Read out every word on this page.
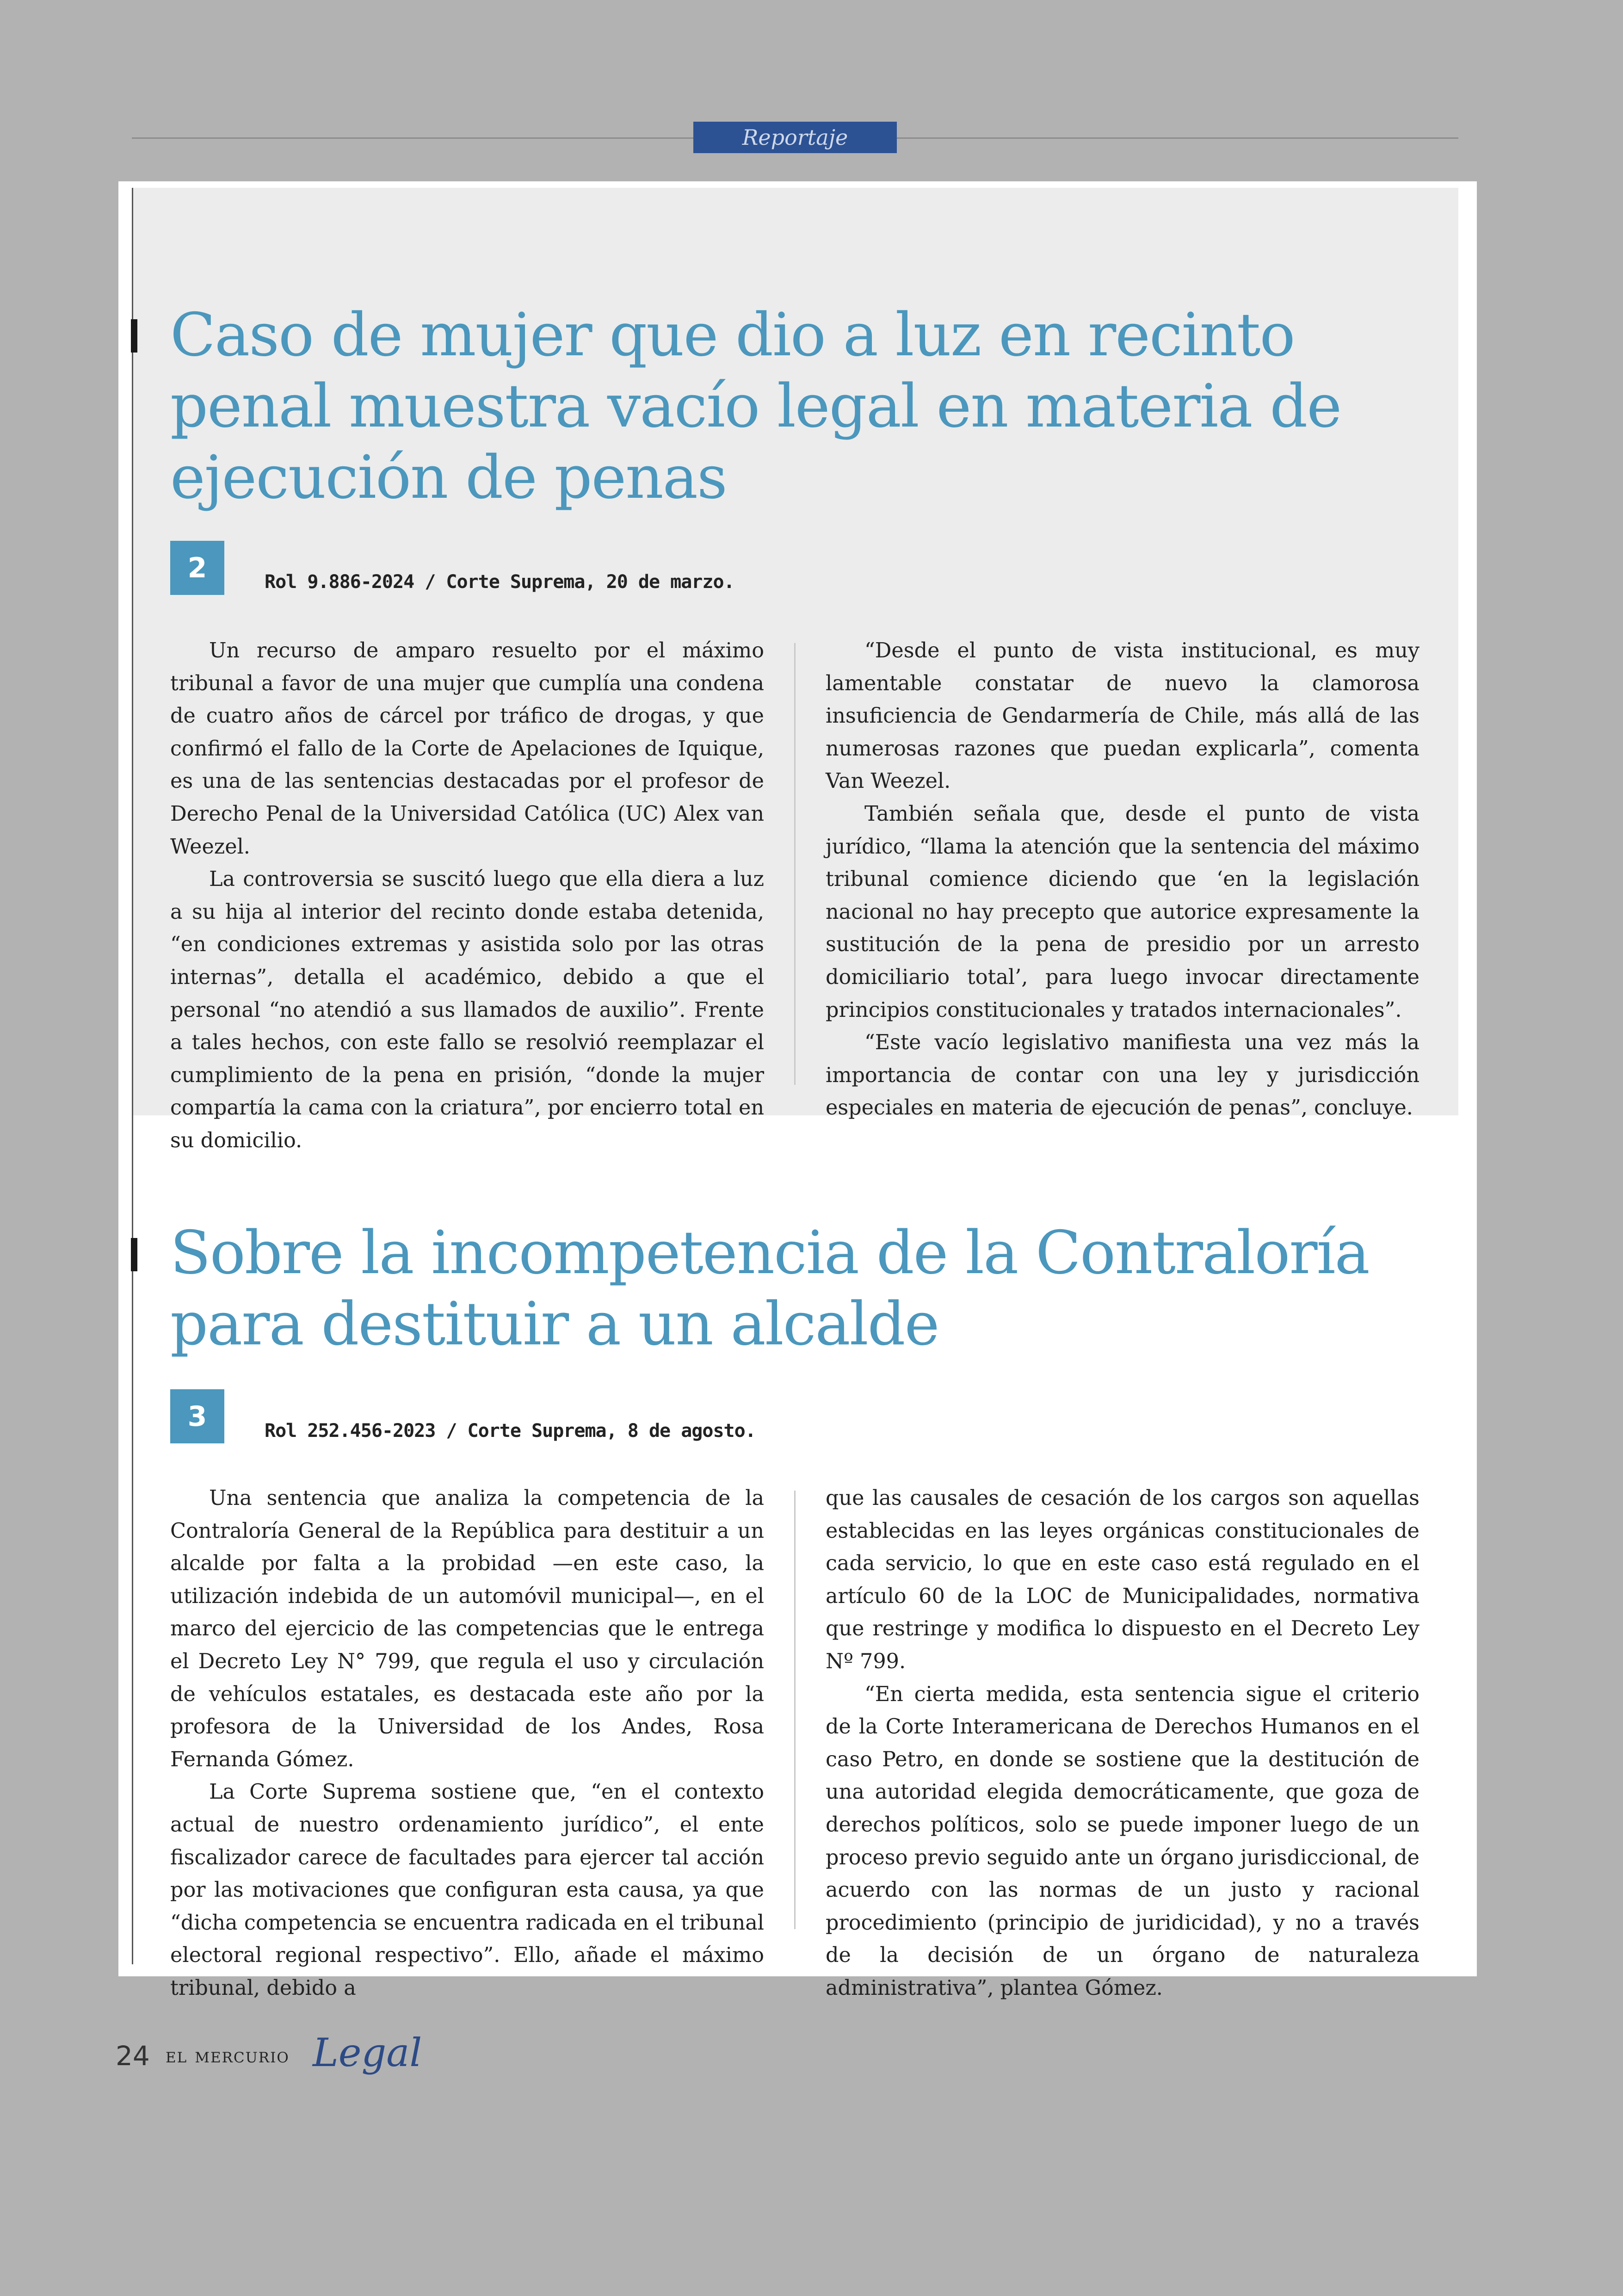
Reportaje
Caso de mujer que dio a luz en recinto
penal muestra vacío legal en materia de
ejecución de penas
2	Rol 9.886-2024 / Corte Suprema, 20 de marzo.

Un recurso de amparo resuelto por el máximo tribunal a favor de una mujer que cumplía una condena de cuatro años de cárcel por tráfico de drogas, y que confirmó el fallo de la Corte de Apelaciones de Iquique, es una de las sentencias destacadas por el profesor de Derecho Penal de la Universidad Católica (UC) Alex van Weezel.

La controversia se suscitó luego que ella diera a luz a su hija al interior del recinto donde estaba detenida, “en condiciones extremas y asistida solo por las otras internas”, detalla el académico, debido a que el personal “no atendió a sus llamados de auxilio”. Frente a tales hechos, con este fallo se resolvió reemplazar el cumplimiento de la pena en prisión, “donde la mujer compartía la cama con la criatura”, por encierro total en su domicilio.

“Desde el punto de vista institucional, es muy lamentable constatar de nuevo la clamorosa insuficiencia de Gendarmería de Chile, más allá de las numerosas razones que puedan explicarla”, comenta Van Weezel.

También señala que, desde el punto de vista jurídico, “llama la atención que la sentencia del máximo tribunal comience diciendo que ‘en la legislación nacional no hay precepto que autorice expresamente la sustitución de la pena de presidio por un arresto domiciliario total’, para luego invocar directamente principios constitucionales y tratados internacionales”.

“Este vacío legislativo manifiesta una vez más la importancia de contar con una ley y jurisdicción especiales en materia de ejecución de penas”, concluye.

Sobre la incompetencia de la Contraloría
para destituir a un alcalde
3	Rol 252.456-2023 / Corte Suprema, 8 de agosto.

Una sentencia que analiza la competencia de la Contraloría General de la República para destituir a un alcalde por falta a la probidad —en este caso, la utilización indebida de un automóvil municipal—, en el marco del ejercicio de las competencias que le entrega el Decreto Ley N° 799, que regula el uso y circulación de vehículos estatales, es destacada este año por la profesora de la Universidad de los Andes, Rosa Fernanda Gómez.

La Corte Suprema sostiene que, “en el contexto actual de nuestro ordenamiento jurídico”, el ente fiscalizador carece de facultades para ejercer tal acción por las motivaciones que configuran esta causa, ya que “dicha competencia se encuentra radicada en el tribunal electoral regional respectivo”. Ello, añade el máximo tribunal, debido a

que las causales de cesación de los cargos son aquellas establecidas en las leyes orgánicas constitucionales de cada servicio, lo que en este caso está regulado en el artículo 60 de la LOC de Municipalidades, normativa que restringe y modifica lo dispuesto en el Decreto Ley Nº 799.

“En cierta medida, esta sentencia sigue el criterio de la Corte Interamericana de Derechos Humanos en el caso Petro, en donde se sostiene que la destitución de una autoridad elegida democráticamente, que goza de derechos políticos, solo se puede imponer luego de un proceso previo seguido ante un órgano jurisdiccional, de acuerdo con las normas de un justo y racional procedimiento (principio de juridicidad), y no a través de la decisión de un órgano de naturaleza administrativa”, plantea Gómez.

24 el mercurio Legal
